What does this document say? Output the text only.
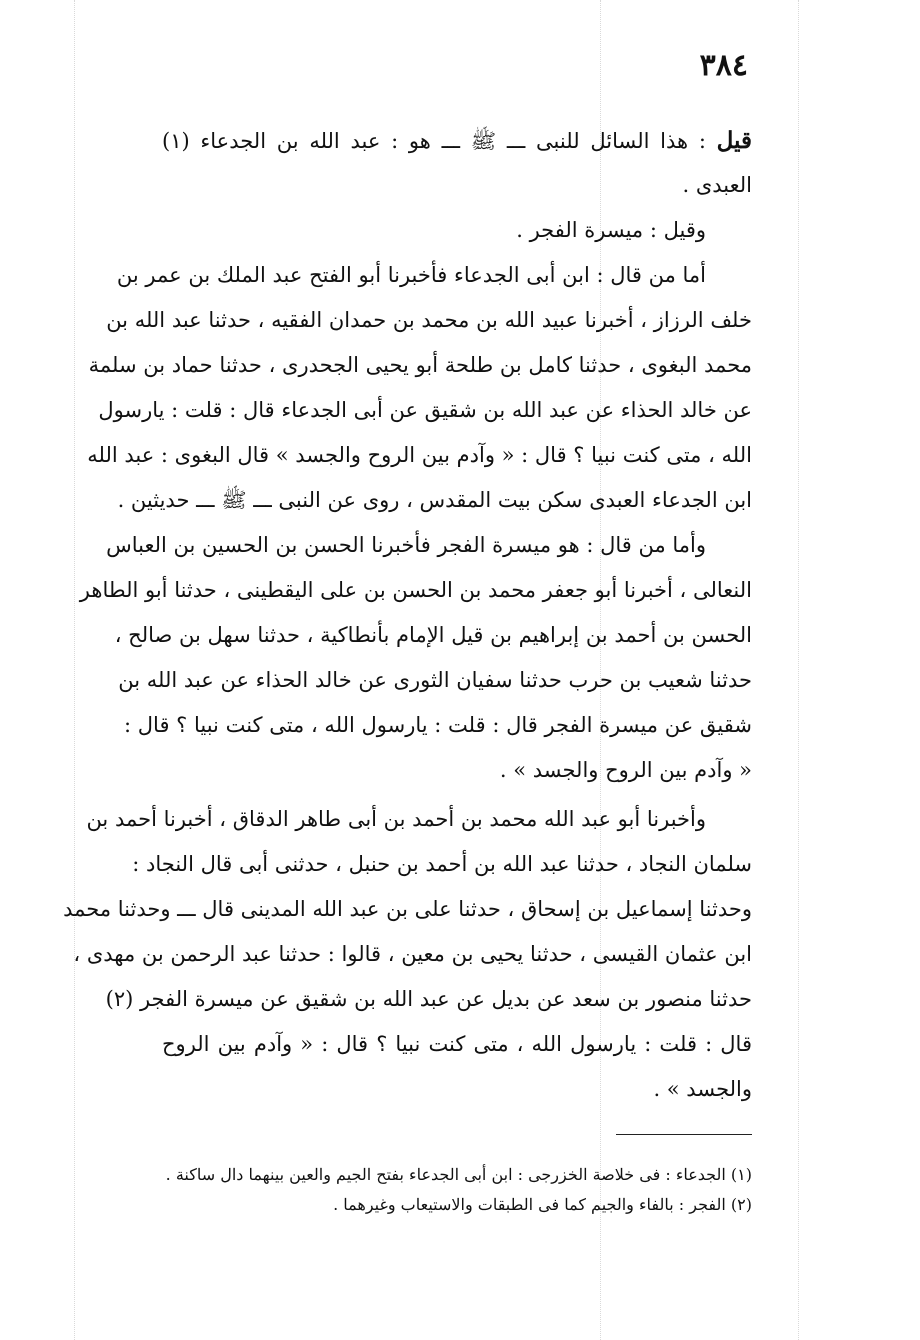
٣٨٤
قيل : هذا السائل للنبى ـــ ﷺ ـــ هو : عبد الله بن الجدعاء (١)
العبدى .
وقيل : ميسرة الفجر .
أما من قال : ابن أبى الجدعاء فأخبرنا أبو الفتح عبد الملك بن عمر بن
خلف الرزاز ، أخبرنا عبيد الله بن محمد بن حمدان الفقيه ، حدثنا عبد الله بن
محمد البغوى ، حدثنا كامل بن طلحة أبو يحيى الجحدرى ، حدثنا حماد بن سلمة
عن خالد الحذاء عن عبد الله بن شقيق عن أبى الجدعاء قال : قلت : يارسول
الله ، متى كنت نبيا ؟ قال : « وآدم بين الروح والجسد » قال البغوى : عبد الله
ابن الجدعاء العبدى سكن بيت المقدس ، روى عن النبى ـــ ﷺ ـــ حديثين .
وأما من قال : هو ميسرة الفجر فأخبرنا الحسن بن الحسين بن العباس
النعالى ، أخبرنا أبو جعفر محمد بن الحسن بن على اليقطينى ، حدثنا أبو الطاهر
الحسن بن أحمد بن إبراهيم بن قيل الإمام بأنطاكية ، حدثنا سهل بن صالح ،
حدثنا شعيب بن حرب حدثنا سفيان الثورى عن خالد الحذاء عن عبد الله بن
شقيق عن ميسرة الفجر قال : قلت : يارسول الله ، متى كنت نبيا ؟ قال :
« وآدم بين الروح والجسد » .
وأخبرنا أبو عبد الله محمد بن أحمد بن أبى طاهر الدقاق ، أخبرنا أحمد بن
سلمان النجاد ، حدثنا عبد الله بن أحمد بن حنبل ، حدثنى أبى قال النجاد :
وحدثنا إسماعيل بن إسحاق ، حدثنا على بن عبد الله المدينى قال ـــ وحدثنا محمد
ابن عثمان القيسى ، حدثنا يحيى بن معين ، قالوا : حدثنا عبد الرحمن بن مهدى ،
حدثنا منصور بن سعد عن بديل عن عبد الله بن شقيق عن ميسرة الفجر (٢)
قال : قلت : يارسول الله ، متى كنت نبيا ؟ قال : « وآدم بين الروح
والجسد » .
(١) الجدعاء : فى خلاصة الخزرجى : ابن أبى الجدعاء بفتح الجيم والعين بينهما دال ساكنة .
(٢) الفجر : بالفاء والجيم كما فى الطبقات والاستيعاب وغيرهما .
